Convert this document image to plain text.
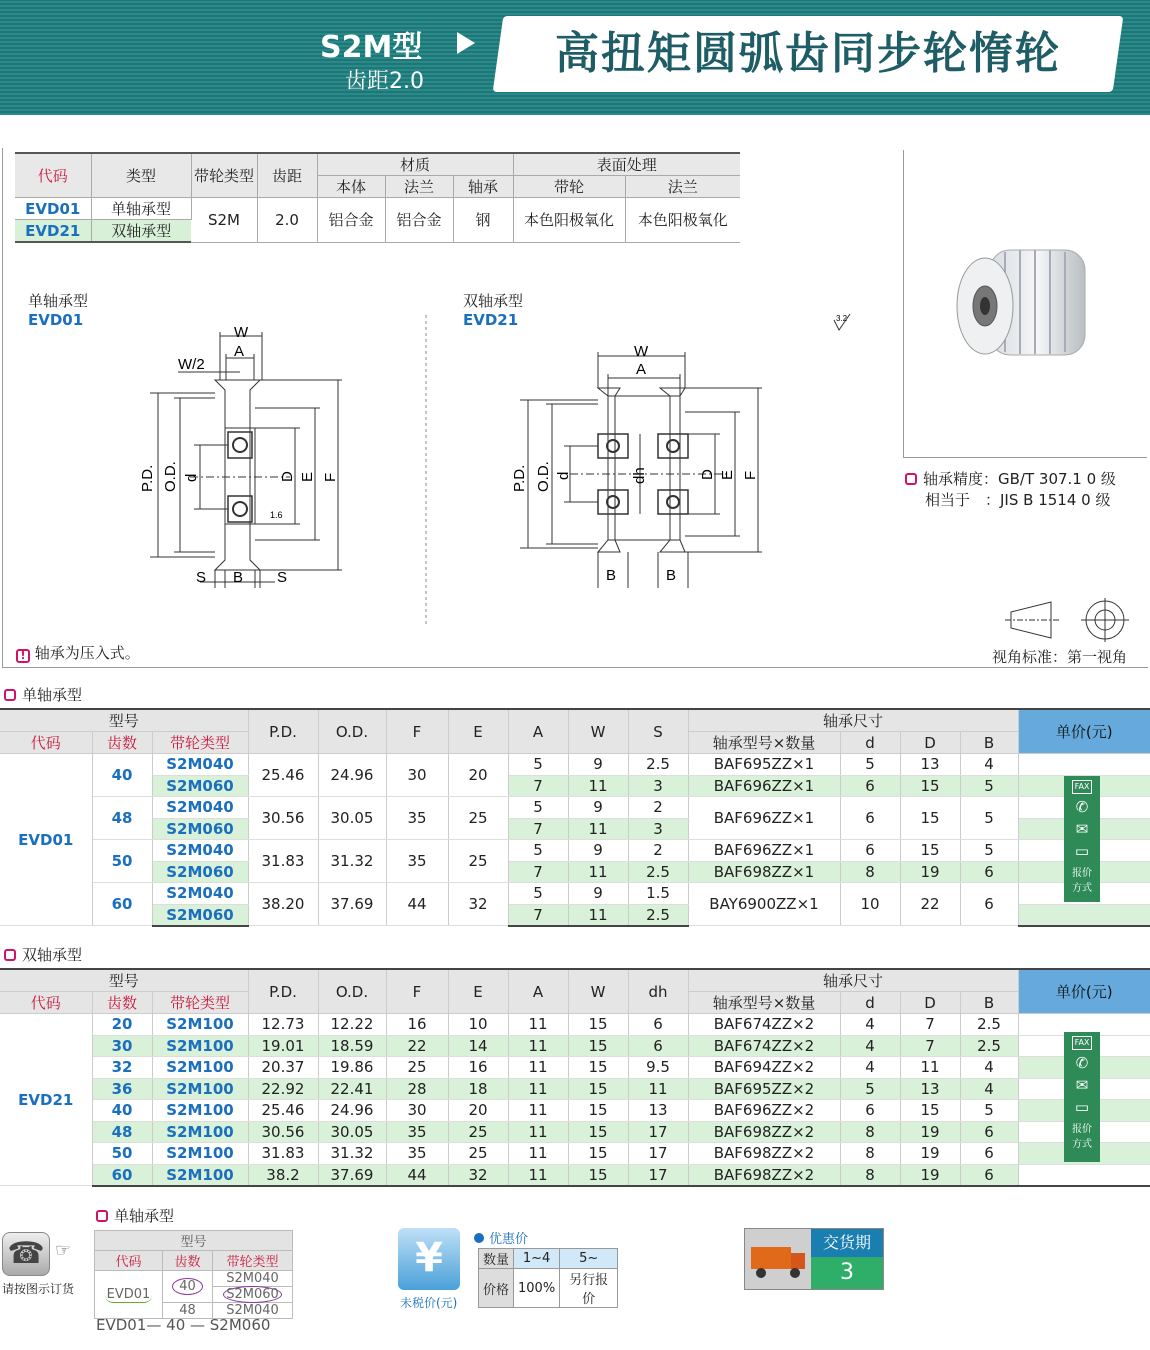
S2M型
齿距2.0
高扭矩圆弧齿同步轮惰轮
代码	类型	带轮类型	齿距	材质			表面处理	
				本体	法兰	轴承	带轮	法兰
EVD01	单轴承型	S2M	2.0	铝合金	铝合金	钢	本色阳极氧化	本色阳极氧化
EVD21	双轴承型							
单轴承型
EVD01
双轴承型
EVD21
W
A
W/2
P.D. O.D. d	D E F
1.6
S B S
W
A
P.D. O.D. d	dh	D E F
B	B
3.2
轴承精度：GB/T 307.1 0 级
相当于　：JIS B 1514 0 级
视角标准：第一视角
! 轴承为压入式。
单轴承型
型号			P.D.	O.D.	F	E	A	W	S	轴承尺寸				单价(元)
代码	齿数	带轮类型								轴承型号×数量	d	D	B	
EVD01	40	S2M040	25.46	24.96	30	20	5	9	2.5	BAF695ZZ×1	5	13	4	
		S2M060					7	11	3	BAF696ZZ×1	6	15	5	
	48	S2M040	30.56	30.05	35	25	5	9	2	BAF696ZZ×1	6	15	5	
		S2M060					7	11	3					
	50	S2M040	31.83	31.32	35	25	5	9	2	BAF696ZZ×1	6	15	5	
		S2M060					7	11	2.5	BAF698ZZ×1	8	19	6	
	60	S2M040	38.20	37.69	44	32	5	9	1.5	BAY6900ZZ×1	10	22	6	
		S2M060					7	11	2.5					
FAX
✆
✉
▭
报价
方式
双轴承型
型号			P.D.	O.D.	F	E	A	W	dh	轴承尺寸				单价(元)
代码	齿数	带轮类型								轴承型号×数量	d	D	B	
EVD21	20	S2M100	12.73	12.22	16	10	11	15	6	BAF674ZZ×2	4	7	2.5	
	30	S2M100	19.01	18.59	22	14	11	15	6	BAF674ZZ×2	4	7	2.5	
	32	S2M100	20.37	19.86	25	16	11	15	9.5	BAF694ZZ×2	4	11	4	
	36	S2M100	22.92	22.41	28	18	11	15	11	BAF695ZZ×2	5	13	4	
	40	S2M100	25.46	24.96	30	20	11	15	13	BAF696ZZ×2	6	15	5	
	48	S2M100	30.56	30.05	35	25	11	15	17	BAF698ZZ×2	8	19	6	
	50	S2M100	31.83	31.32	35	25	11	15	17	BAF698ZZ×2	8	19	6	
	60	S2M100	38.2	37.69	44	32	11	15	17	BAF698ZZ×2	8	19	6	
FAX
✆
✉
▭
报价
方式
☎ ☞
请按图示订货
单轴承型
型号		
代码	齿数	带轮类型
EVD01	40	S2M040
		S2M060
	48	S2M040
EVD01— 40 — S2M060
¥
未税价(元)
优惠价
数量	1~4	5~
价格	100%	另行报价
交货期
3
